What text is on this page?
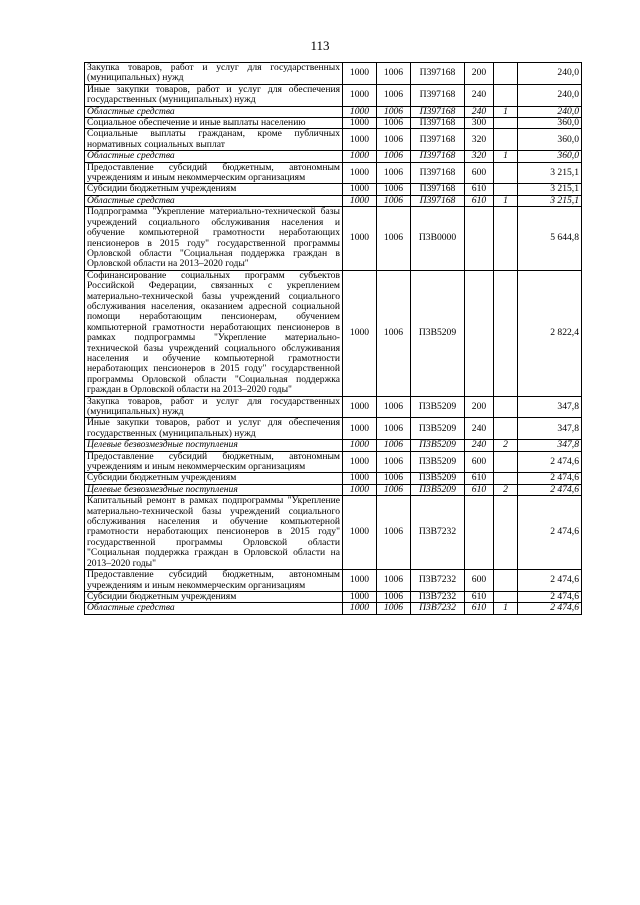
113
Закупка товаров, работ и услуг для государственных (муниципальных) нужд	1000	1006	П397168	200		240,0
Иные закупки товаров, работ и услуг для обеспечения государственных (муниципальных) нужд	1000	1006	П397168	240		240,0
Областные средства	1000	1006	П397168	240	1	240,0
Социальное обеспечение и иные выплаты населению	1000	1006	П397168	300		360,0
Социальные выплаты гражданам, кроме публичных нормативных социальных выплат	1000	1006	П397168	320		360,0
Областные средства	1000	1006	П397168	320	1	360,0
Предоставление субсидий бюджетным, автономным учреждениям и иным некоммерческим организациям	1000	1006	П397168	600		3 215,1
Субсидии бюджетным учреждениям	1000	1006	П397168	610		3 215,1
Областные средства	1000	1006	П397168	610	1	3 215,1
Подпрограмма "Укрепление материально-технической базы учреждений социального обслуживания населения и обучение компьютерной грамотности неработающих пенсионеров в 2015 году" государственной программы Орловской области "Социальная поддержка граждан в Орловской области на 2013–2020 годы"	1000	1006	П3В0000			5 644,8
Софинансирование социальных программ субъектов Российской Федерации, связанных с укреплением материально-технической базы учреждений социального обслуживания населения, оказанием адресной социальной помощи неработающим пенсионерам, обучением компьютерной грамотности неработающих пенсионеров в рамках подпрограммы "Укрепление материально-технической базы учреждений социального обслуживания населения и обучение компьютерной грамотности неработающих пенсионеров в 2015 году" государственной программы Орловской области "Социальная поддержка граждан в Орловской области на 2013–2020 годы"	1000	1006	П3В5209			2 822,4
Закупка товаров, работ и услуг для государственных (муниципальных) нужд	1000	1006	П3В5209	200		347,8
Иные закупки товаров, работ и услуг для обеспечения государственных (муниципальных) нужд	1000	1006	П3В5209	240		347,8
Целевые безвозмездные поступления	1000	1006	П3В5209	240	2	347,8
Предоставление субсидий бюджетным, автономным учреждениям и иным некоммерческим организациям	1000	1006	П3В5209	600		2 474,6
Субсидии бюджетным учреждениям	1000	1006	П3В5209	610		2 474,6
Целевые безвозмездные поступления	1000	1006	П3В5209	610	2	2 474,6
Капитальный ремонт в рамках подпрограммы "Укрепление материально-технической базы учреждений социального обслуживания населения и обучение компьютерной грамотности неработающих пенсионеров в 2015 году" государственной программы Орловской области "Социальная поддержка граждан в Орловской области на 2013–2020 годы"	1000	1006	П3В7232			2 474,6
Предоставление субсидий бюджетным, автономным учреждениям и иным некоммерческим организациям	1000	1006	П3В7232	600		2 474,6
Субсидии бюджетным учреждениям	1000	1006	П3В7232	610		2 474,6
Областные средства	1000	1006	П3В7232	610	1	2 474,6
